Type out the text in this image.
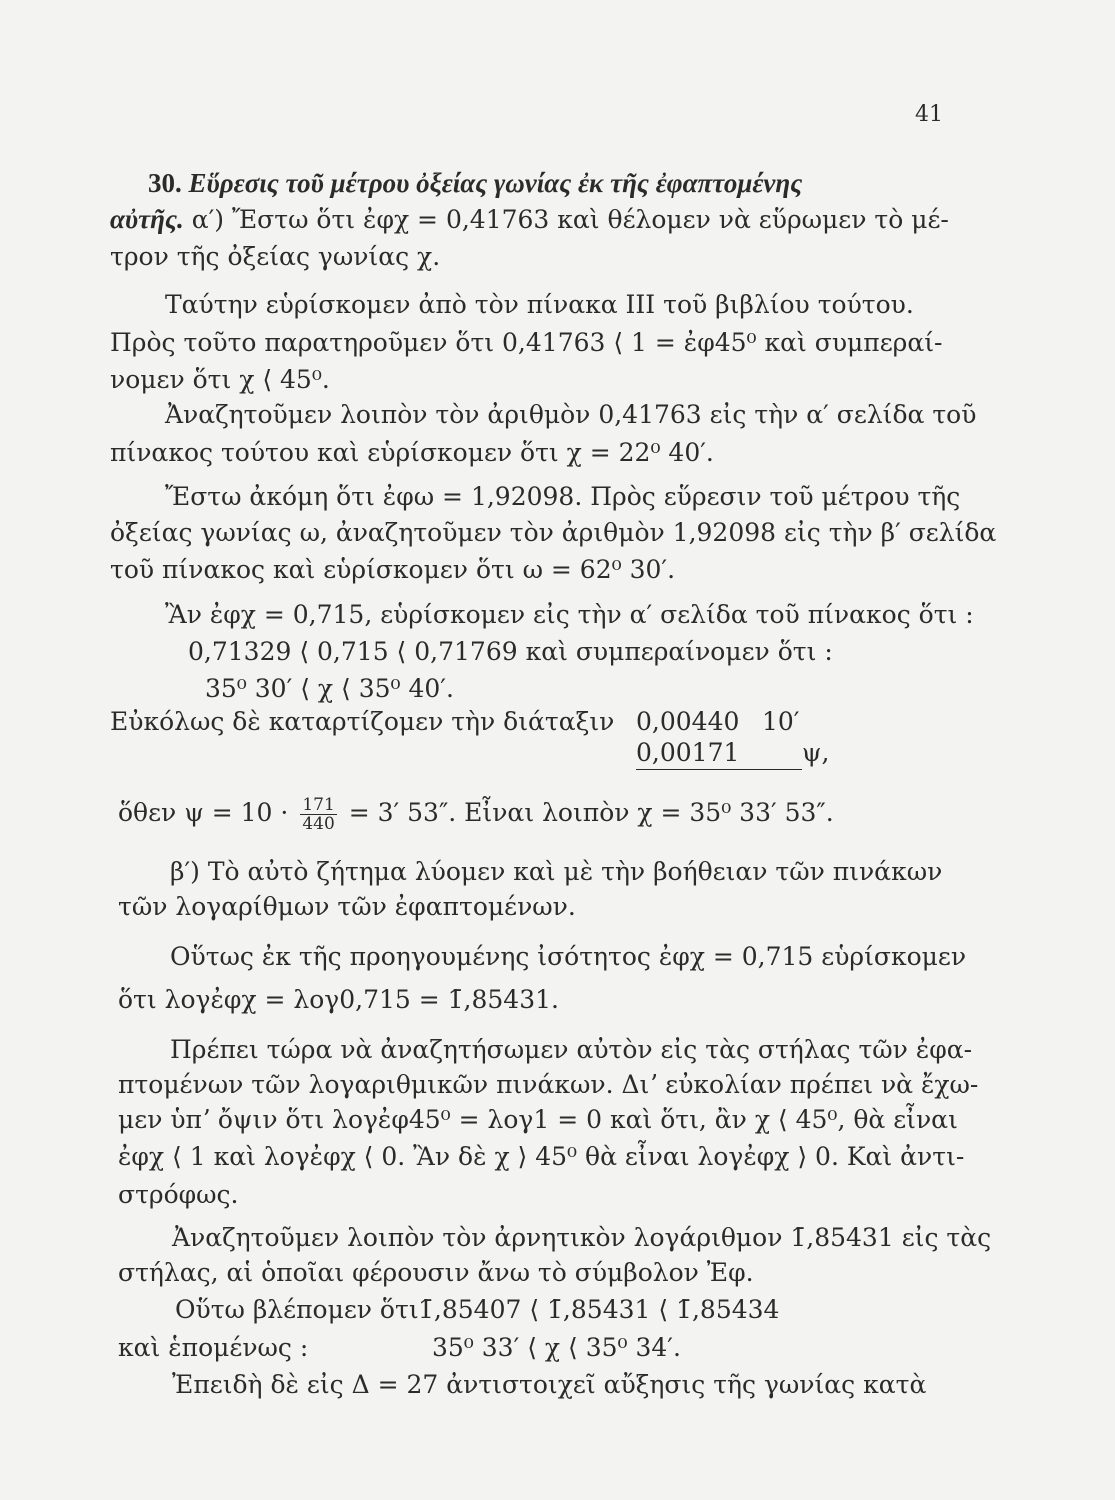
41
30. Εὕρεσις τοῦ μέτρου ὀξείας γωνίας ἐκ τῆς ἐφαπτομένης
αὐτῆς. α′) Ἔστω ὅτι ἐφχ = 0,41763 καὶ θέλομεν νὰ εὕρωμεν τὸ μέ-
τρον τῆς ὀξείας γωνίας χ.
Ταύτην εὑρίσκομεν ἀπὸ τὸν πίνακα III τοῦ βιβλίου τούτου.
Πρὸς τοῦτο παρατηροῦμεν ὅτι 0,41763 ⟨ 1 = ἐφ45⁰ καὶ συμπεραί-
νομεν ὅτι χ ⟨ 45⁰.
Ἀναζητοῦμεν λοιπὸν τὸν ἀριθμὸν 0,41763 εἰς τὴν α′ σελίδα τοῦ
πίνακος τούτου καὶ εὑρίσκομεν ὅτι χ = 22⁰ 40′.
Ἔστω ἀκόμη ὅτι ἐφω = 1,92098. Πρὸς εὕρεσιν τοῦ μέτρου τῆς
ὀξείας γωνίας ω, ἀναζητοῦμεν τὸν ἀριθμὸν 1,92098 εἰς τὴν β′ σελίδα
τοῦ πίνακος καὶ εὑρίσκομεν ὅτι ω = 62⁰ 30′.
Ἂν ἐφχ = 0,715, εὑρίσκομεν εἰς τὴν α′ σελίδα τοῦ πίνακος ὅτι :
0,71329 ⟨ 0,715 ⟨ 0,71769 καὶ συμπεραίνομεν ὅτι :
35⁰ 30′ ⟨ χ ⟨ 35⁰ 40′.
Εὐκόλως δὲ καταρτίζομεν τὴν διάταξιν 0,00440 10′
0,00171   	ψ,
ὅθεν $\psi = 10 \cdot \frac{171}{440} = 3'$ 53″. Εἶναι λοιπὸν χ = 35⁰ 33′ 53″.
β′) Τὸ αὐτὸ ζήτημα λύομεν καὶ μὲ τὴν βοήθειαν τῶν πινάκων
τῶν λογαρίθμων τῶν ἐφαπτομένων.
Οὕτως ἐκ τῆς προηγουμένης ἰσότητος ἐφχ = 0,715 εὑρίσκομεν
ὅτι λογἐφχ = λογ0,715 = 1̄,85431.
Πρέπει τώρα νὰ ἀναζητήσωμεν αὐτὸν εἰς τὰς στήλας τῶν ἐφα-
πτομένων τῶν λογαριθμικῶν πινάκων. Διʼ εὐκολίαν πρέπει νὰ ἔχω-
μεν ὑπʼ ὄψιν ὅτι λογἐφ45⁰ = λογ1 = 0 καὶ ὅτι, ἂν χ ⟨ 45⁰, θὰ εἶναι
ἐφχ ⟨ 1 καὶ λογἐφχ ⟨ 0. Ἂν δὲ χ ⟩ 45⁰ θὰ εἶναι λογἐφχ ⟩ 0. Καὶ ἀντι-
στρόφως.
Ἀναζητοῦμεν λοιπὸν τὸν ἀρνητικὸν λογάριθμον 1̄,85431 εἰς τὰς
στήλας, αἱ ὁποῖαι φέρουσιν ἄνω τὸ σύμβολον Ἐφ.
Οὕτω βλέπομεν ὅτι 1̄,85407 ⟨ 1̄,85431 ⟨ 1̄,85434
καὶ ἑπομένως :	35⁰ 33′ ⟨ χ ⟨ 35⁰ 34′.
Ἐπειδὴ δὲ εἰς Δ = 27 ἀντιστοιχεῖ αὔξησις τῆς γωνίας κατὰ
